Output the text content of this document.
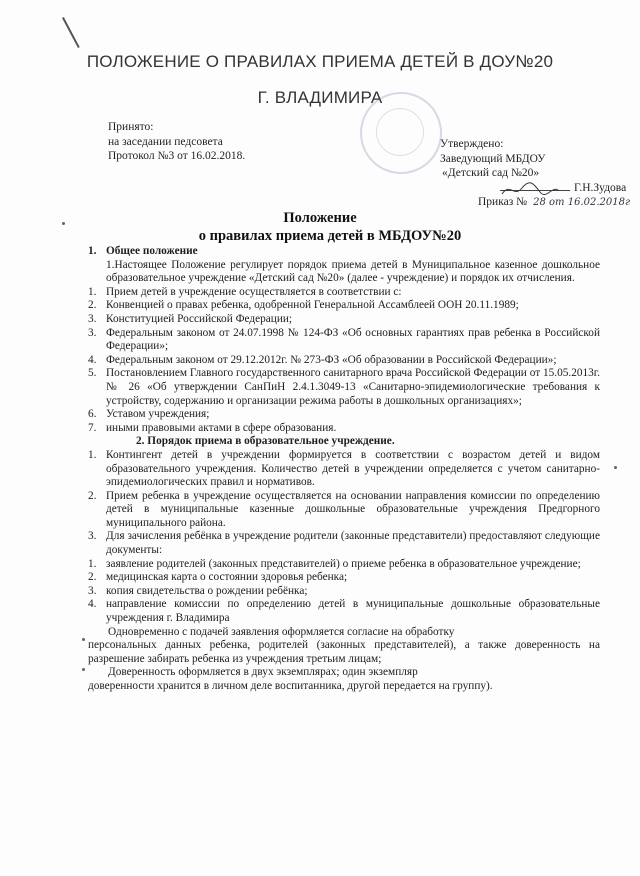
ПОЛОЖЕНИЕ О ПРАВИЛАХ ПРИЕМА ДЕТЕЙ В ДОУ№20
Г. ВЛАДИМИРА
Принято:
на заседании педсовета
Протокол №3 от 16.02.2018.
Утверждено:
Заведующий МБДОУ
«Детский сад №20»
Г.Н.Зудова
Приказ № 28 от 16.02.2018г
Положение
о правилах приема детей в МБДОУ№20
1. Общее положение
1.Настоящее Положение регулирует порядок приема детей в Муниципальное казенное дошкольное образовательное учреждение «Детский сад №20» (далее - учреждение) и порядок их отчисления.
1. Прием детей в учреждение осуществляется в соответствии с:
2. Конвенцией о правах ребенка, одобренной Генеральной Ассамблеей ООН 20.11.1989;
3. Конституцией Российской Федерации;
3. Федеральным законом от 24.07.1998 № 124-ФЗ «Об основных гарантиях прав ребенка в Российской Федерации»;
4. Федеральным законом от 29.12.2012г. № 273-ФЗ «Об образовании в Российской Федерации»;
5. Постановлением Главного государственного санитарного врача Российской Федерации от 15.05.2013г. № 26 «Об утверждении СанПиН 2.4.1.3049-13 «Санитарно-эпидемиологические требования к устройству, содержанию и организации режима работы в дошкольных организациях»;
6. Уставом учреждения;
7. иными правовыми актами в сфере образования.
2. Порядок приема в образовательное учреждение.
1. Контингент детей в учреждении формируется в соответствии с возрастом детей и видом образовательного учреждения. Количество детей в учреждении определяется с учетом санитарно-эпидемиологических правил и нормативов.
2. Прием ребенка в учреждение осуществляется на основании направления комиссии по определению детей в муниципальные казенные дошкольные образовательные учреждения Предгорного муниципального района.
3. Для зачисления ребёнка в учреждение родители (законные представители) предоставляют следующие документы:
1. заявление родителей (законных представителей) о приеме ребенка в образовательное учреждение;
2. медицинская карта о состоянии здоровья ребенка;
3. копия свидетельства о рождении ребёнка;
4. направление комиссии по определению детей в муниципальные дошкольные образовательные учреждения г. Владимира
Одновременно с подачей заявления оформляется согласие на обработку
персональных данных ребенка, родителей (законных представителей), а также доверенность на разрешение забирать ребенка из учреждения третьим лицам;
Доверенность оформляется в двух экземплярах; один экземпляр
доверенности хранится в личном деле воспитанника, другой передается на группу).
